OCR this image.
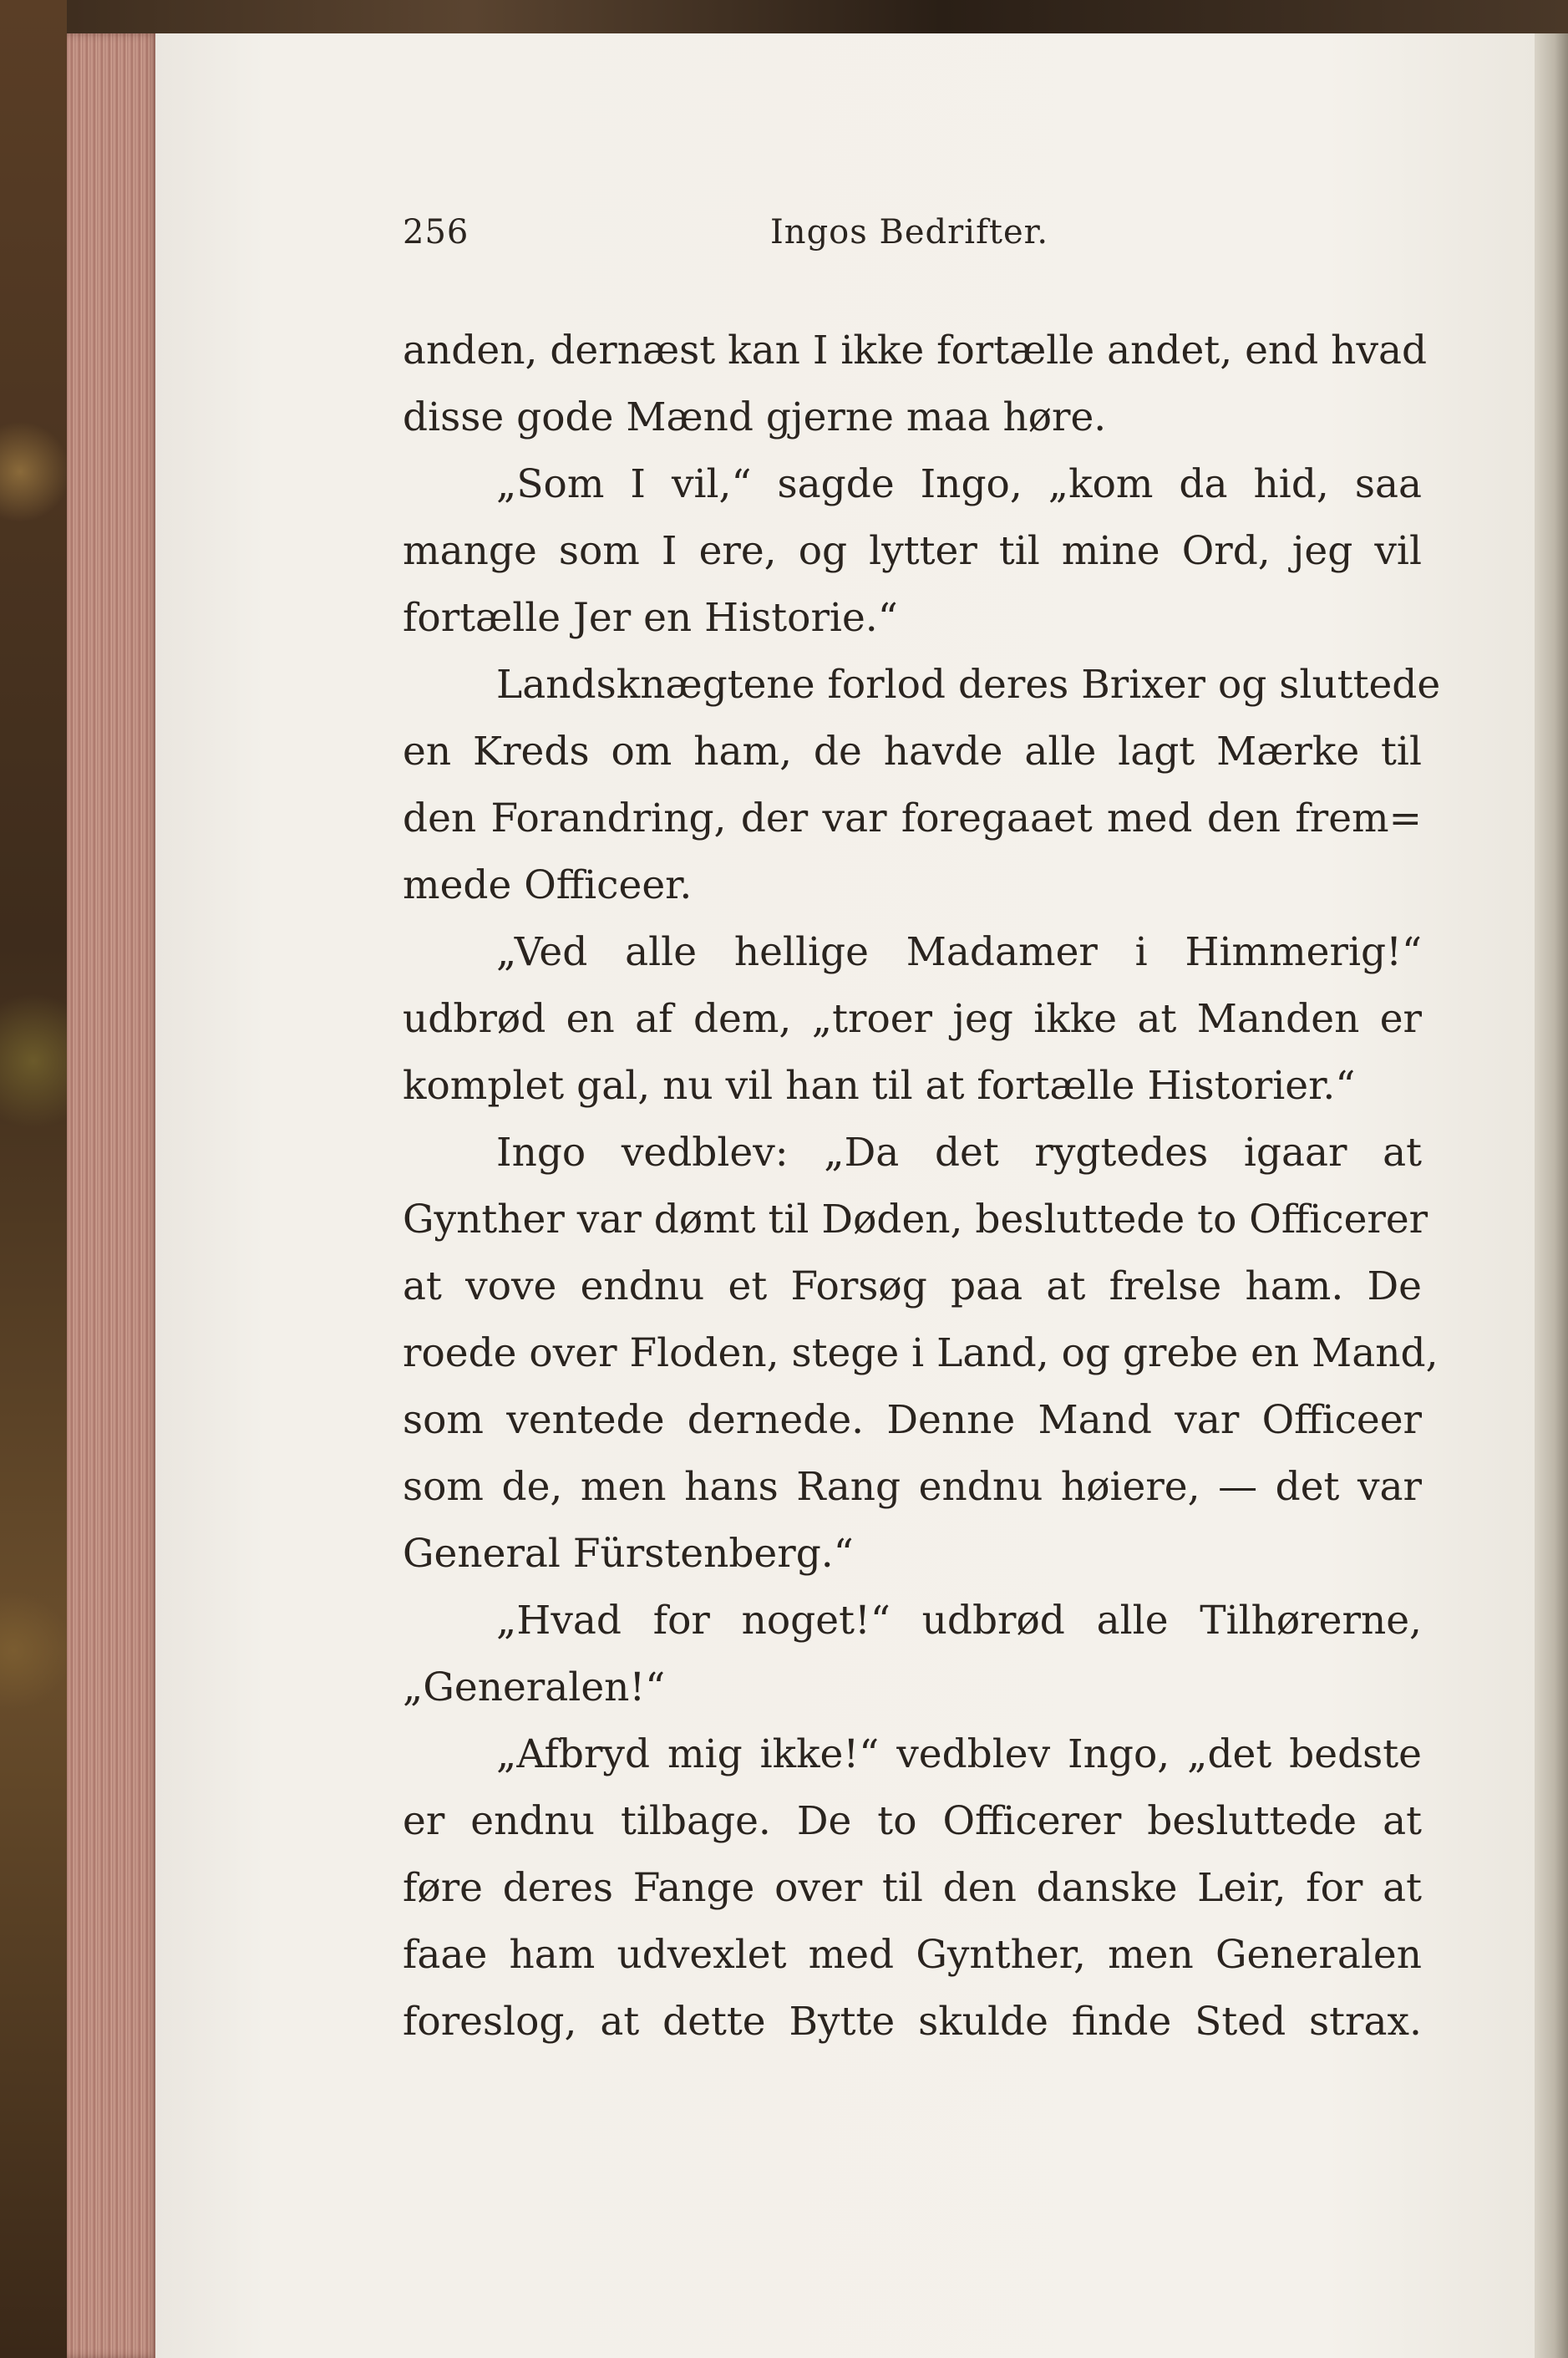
256	Ingos Bedrifter.
anden, dernæst kan I ikke fortælle andet, end hvad
disse gode Mænd gjerne maa høre.
„Som I vil,“ sagde Ingo, „kom da hid, saa
mange som I ere, og lytter til mine Ord, jeg vil
fortælle Jer en Historie.“
Landsknægtene forlod deres Brixer og sluttede
en Kreds om ham, de havde alle lagt Mærke til
den Forandring, der var foregaaet med den frem=
mede Officeer.
„Ved alle hellige Madamer i Himmerig!“
udbrød en af dem, „troer jeg ikke at Manden er
komplet gal, nu vil han til at fortælle Historier.“
Ingo vedblev: „Da det rygtedes igaar at
Gynther var dømt til Døden, besluttede to Officerer
at vove endnu et Forsøg paa at frelse ham. De
roede over Floden, stege i Land, og grebe en Mand,
som ventede dernede. Denne Mand var Officeer
som de, men hans Rang endnu høiere, — det var
General Fürstenberg.“
„Hvad for noget!“ udbrød alle Tilhørerne,
„Generalen!“
„Afbryd mig ikke!“ vedblev Ingo, „det bedste
er endnu tilbage. De to Officerer besluttede at
føre deres Fange over til den danske Leir, for at
faae ham udvexlet med Gynther, men Generalen
foreslog, at dette Bytte skulde finde Sted strax.
